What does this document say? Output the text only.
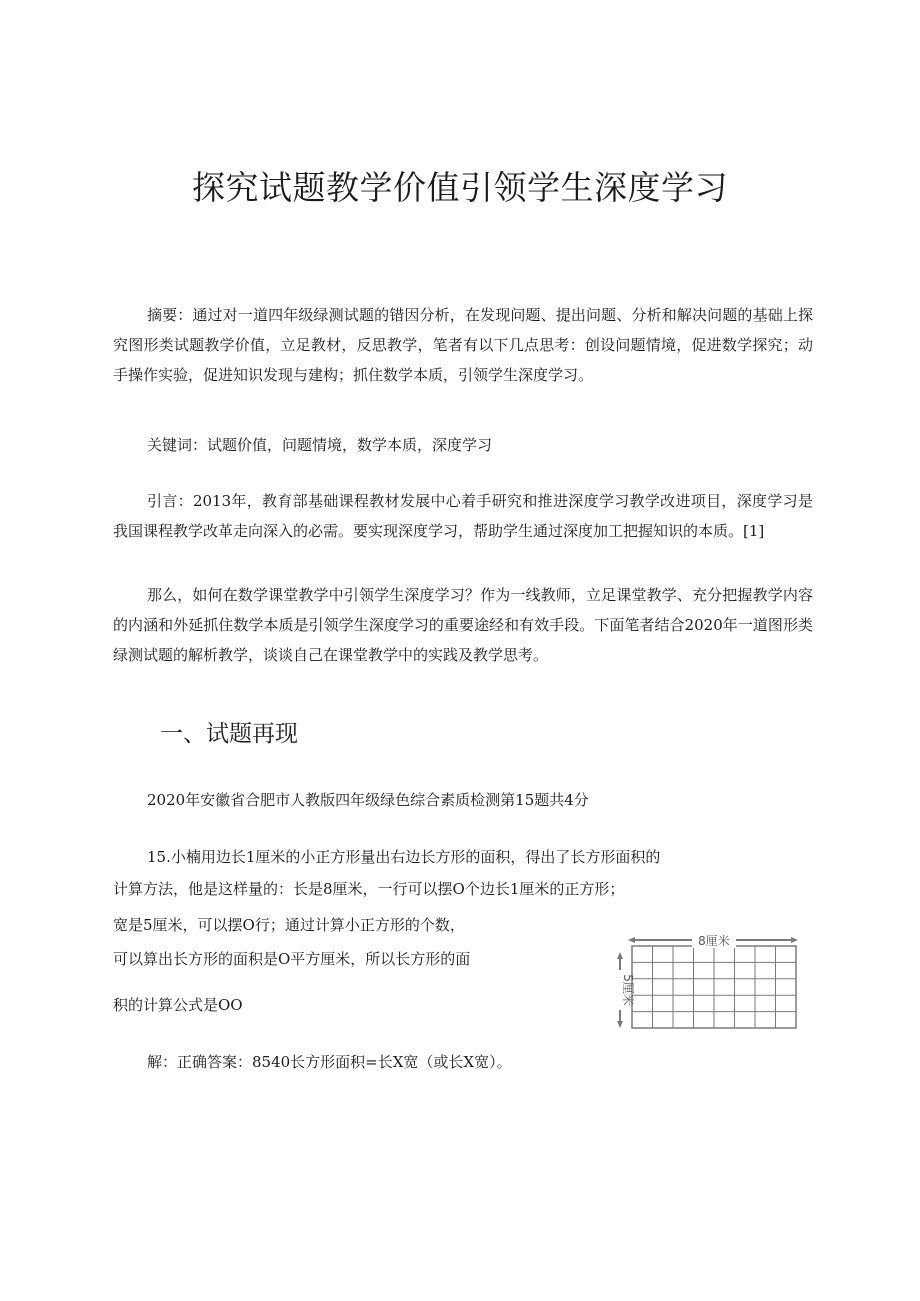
探究试题教学价值引领学生深度学习

摘要：通过对一道四年级绿测试题的错因分析，在发现问题、提出问题、分析和解决问题的基础上探究图形类试题教学价值，立足教材，反思教学，笔者有以下几点思考：创设问题情境，促进数学探究；动手操作实验，促进知识发现与建构；抓住数学本质，引领学生深度学习。

关键词：试题价值，问题情境，数学本质，深度学习

引言：2013年，教育部基础课程教材发展中心着手研究和推进深度学习教学改进项目，深度学习是我国课程教学改革走向深入的必需。要实现深度学习，帮助学生通过深度加工把握知识的本质。[1]

那么，如何在数学课堂教学中引领学生深度学习？作为一线教师，立足课堂教学、充分把握教学内容的内涵和外延抓住数学本质是引领学生深度学习的重要途经和有效手段。下面笔者结合2020年一道图形类绿测试题的解析教学，谈谈自己在课堂教学中的实践及教学思考。

一、试题再现

2020年安徽省合肥市人教版四年级绿色综合素质检测第15题共4分

15.小楠用边长1厘米的小正方形量出右边长方形的面积，得出了长方形面积的

计算方法，他是这样量的：长是8厘米，一行可以摆O个边长1厘米的正方形；

宽是5厘米，可以摆O行；通过计算小正方形的个数，

可以算出长方形的面积是O平方厘米，所以长方形的面

积的计算公式是OO

8厘米
5厘米

解：正确答案：8540长方形面积=长X宽（或长X宽）。
